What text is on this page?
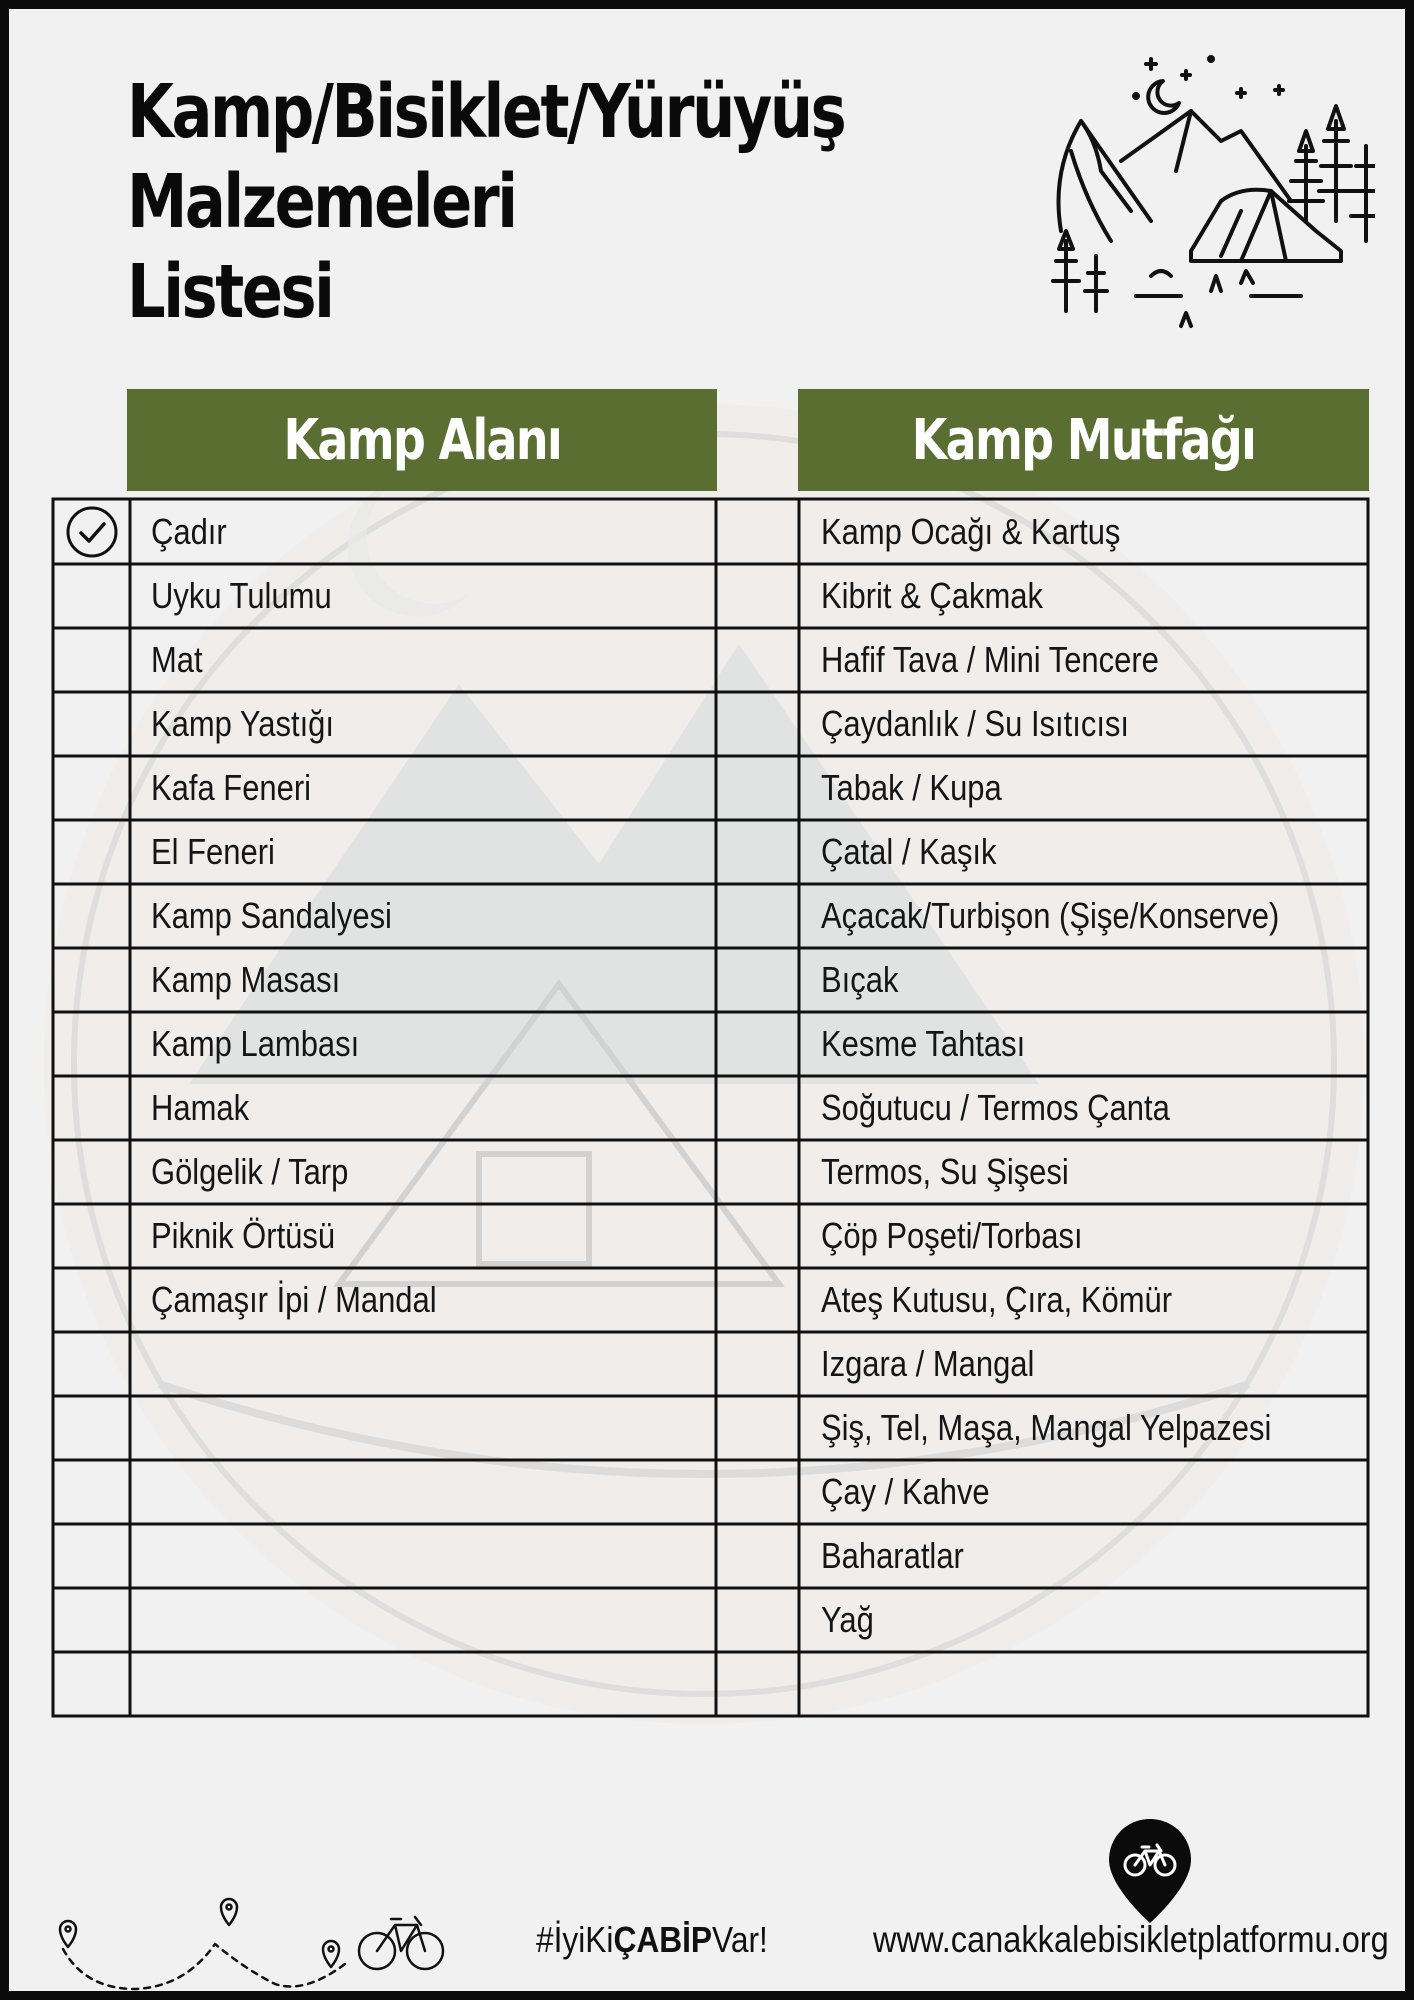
Kamp/Bisiklet/Yürüyüş
Malzemeleri
Listesi
Kamp Alanı	Kamp Mutfağı
Çadır
Uyku Tulumu
Mat
Kamp Yastığı
Kafa Feneri
El Feneri
Kamp Sandalyesi
Kamp Masası
Kamp Lambası
Hamak
Gölgelik / Tarp
Piknik Örtüsü
Çamaşır İpi / Mandal
Kamp Ocağı & Kartuş
Kibrit & Çakmak
Hafif Tava / Mini Tencere
Çaydanlık / Su Isıtıcısı
Tabak / Kupa
Çatal / Kaşık
Açacak/Turbişon (Şişe/Konserve)
Bıçak
Kesme Tahtası
Soğutucu / Termos Çanta
Termos, Su Şişesi
Çöp Poşeti/Torbası
Ateş Kutusu, Çıra, Kömür
Izgara / Mangal
Şiş, Tel, Maşa, Mangal Yelpazesi
Çay / Kahve
Baharatlar
Yağ
#İyiKiÇABİPVar!	www.canakkalebisikletplatformu.org
